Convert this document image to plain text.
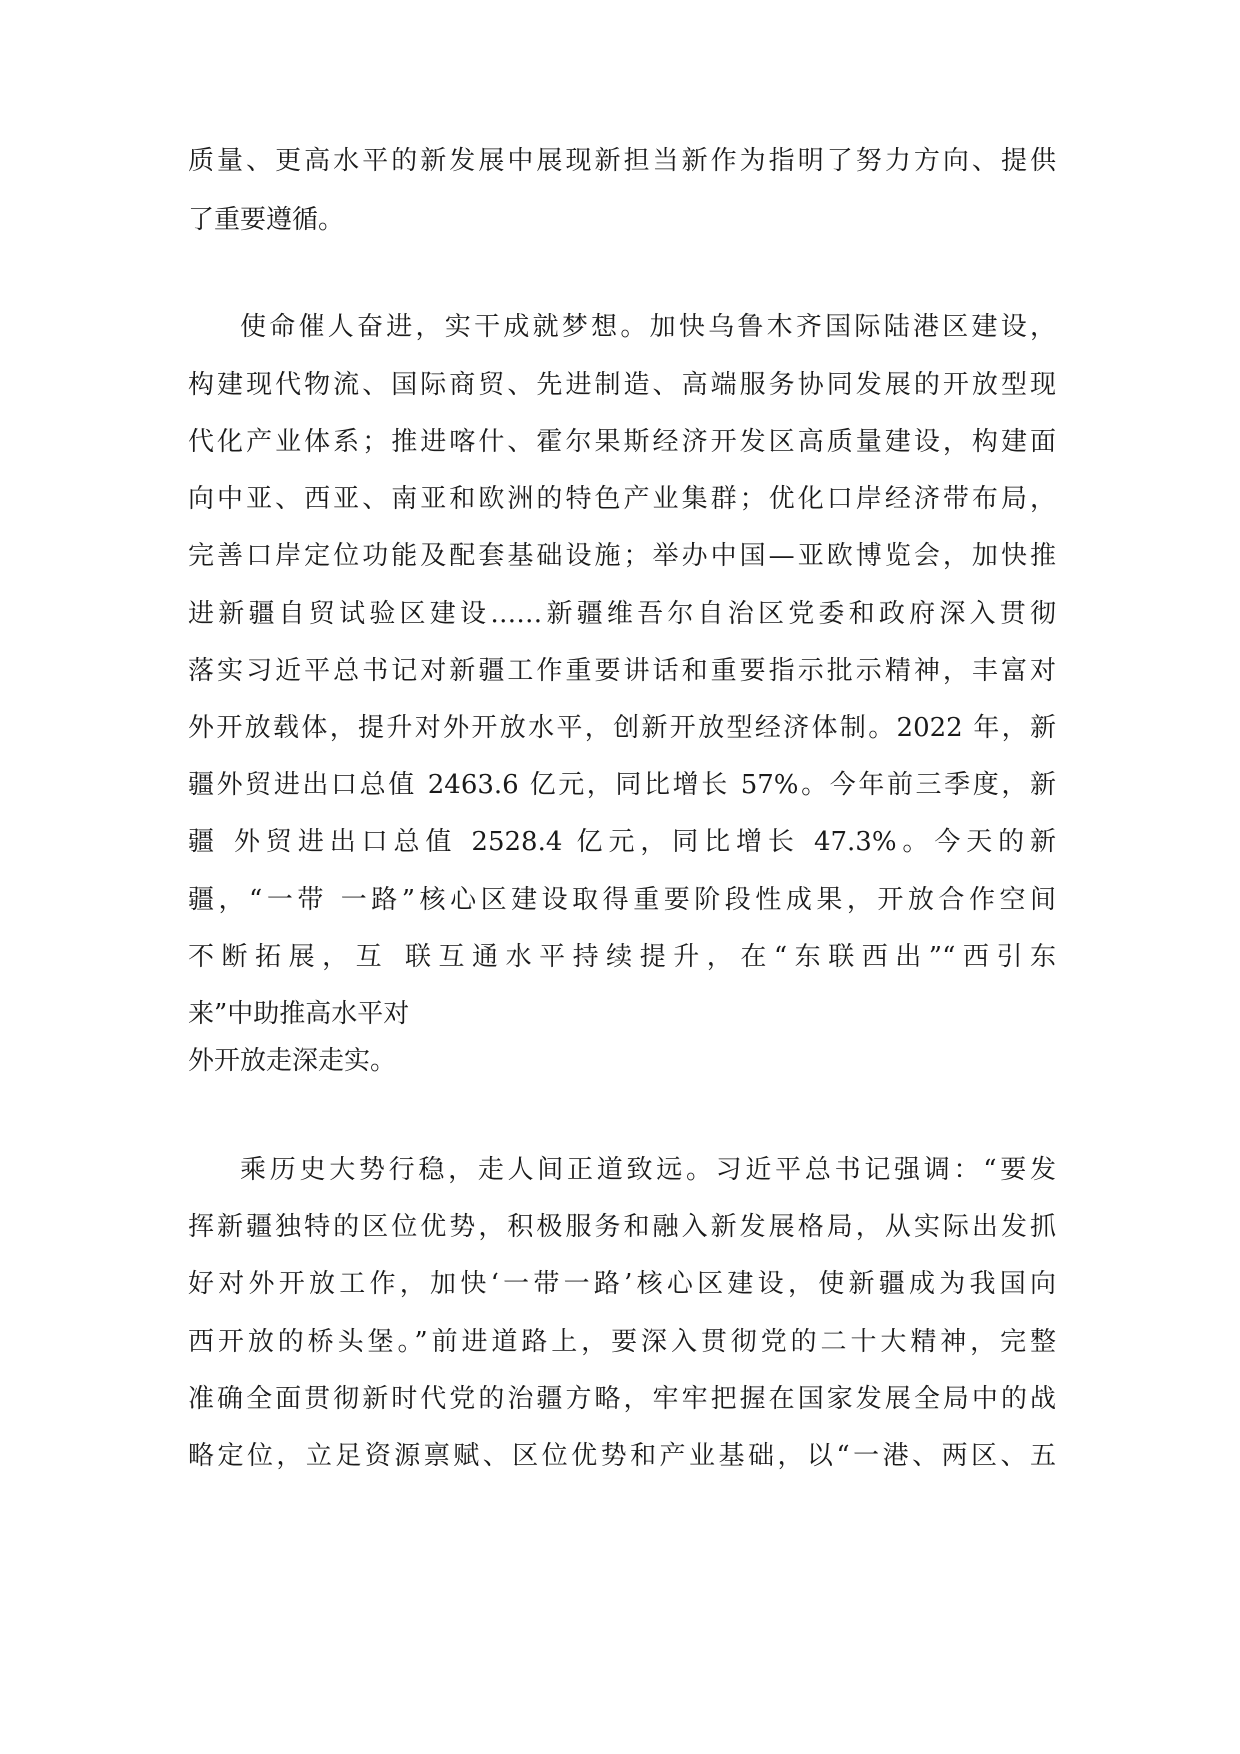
质量、更高水平的新发展中展现新担当新作为指明了努力方向、提供
了重要遵循。
使命催人奋进，实干成就梦想。加快乌鲁木齐国际陆港区建设，
构建现代物流、国际商贸、先进制造、高端服务协同发展的开放型现
代化产业体系；推进喀什、霍尔果斯经济开发区高质量建设，构建面
向中亚、西亚、南亚和欧洲的特色产业集群；优化口岸经济带布局，
完善口岸定位功能及配套基础设施；举办中国—亚欧博览会，加快推
进新疆自贸试验区建设……新疆维吾尔自治区党委和政府深入贯彻
落实习近平总书记对新疆工作重要讲话和重要指示批示精神，丰富对
外开放载体，提升对外开放水平，创新开放型经济体制。2022 年，新
疆外贸进出口总值 2463.6 亿元，同比增长 57%。今年前三季度，新
疆 外贸进出口总值 2528.4 亿元，同比增长 47.3%。今天的新
疆，“一带 一路”核心区建设取得重要阶段性成果，开放合作空间
不断拓展，互 联互通水平持续提升，在“东联西出”“西引东
来”中助推高水平对
外开放走深走实。
乘历史大势行稳，走人间正道致远。习近平总书记强调：“要发
挥新疆独特的区位优势，积极服务和融入新发展格局，从实际出发抓
好对外开放工作，加快‘一带一路’核心区建设，使新疆成为我国向
西开放的桥头堡。”前进道路上，要深入贯彻党的二十大精神，完整
准确全面贯彻新时代党的治疆方略，牢牢把握在国家发展全局中的战
略定位，立足资源禀赋、区位优势和产业基础，以“一港、两区、五
